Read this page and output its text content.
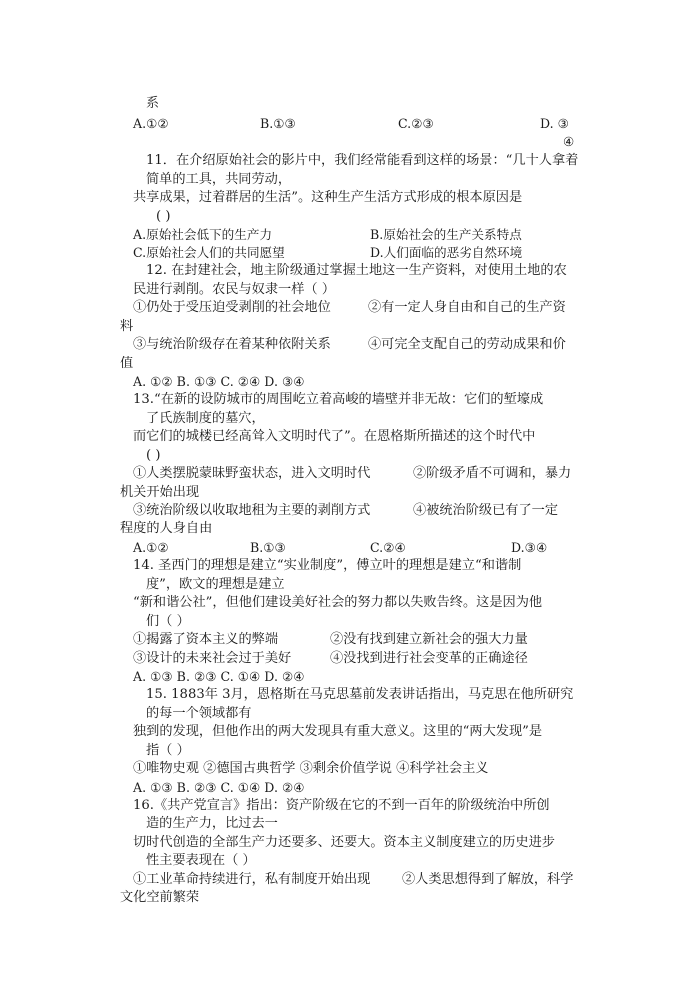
系
A.①②	B.①③	C.②③	D. ③
④
11．在介绍原始社会的影片中，我们经常能看到这样的场景：“几十人拿着
简单的工具，共同劳动，
共享成果，过着群居的生活”。这种生产生活方式形成的根本原因是
( )
A.原始社会低下的生产力	B.原始社会的生产关系特点
C.原始社会人们的共同愿望	D.人们面临的恶劣自然环境
12. 在封建社会，地主阶级通过掌握土地这一生产资料，对使用土地的农
民进行剥削。农民与奴隶一样（ ）
①仍处于受压迫受剥削的社会地位	②有一定人身自由和自己的生产资
料
③与统治阶级存在着某种依附关系	④可完全支配自己的劳动成果和价
值
A. ①② B. ①③ C. ②④ D. ③④
13.“在新的设防城市的周围屹立着高峻的墙壁并非无故：它们的堑壕成
了氏族制度的墓穴，
而它们的城楼已经高耸入文明时代了”。在恩格斯所描述的这个时代中
( )
①人类摆脱蒙昧野蛮状态，进入文明时代	②阶级矛盾不可调和，暴力
机关开始出现
③统治阶级以收取地租为主要的剥削方式	④被统治阶级已有了一定
程度的人身自由
A.①②	B.①③	C.②④	D.③④
14. 圣西门的理想是建立“实业制度”，傅立叶的理想是建立“和谐制
度”，欧文的理想是建立
“新和谐公社”，但他们建设美好社会的努力都以失败告终。这是因为他
们（ ）
①揭露了资本主义的弊端	②没有找到建立新社会的强大力量
③设计的未来社会过于美好	④没找到进行社会变革的正确途径
A. ①③ B. ②③ C. ①④ D. ②④
15. 1883年 3月，恩格斯在马克思墓前发表讲话指出，马克思在他所研究
的每一个领域都有
独到的发现，但他作出的两大发现具有重大意义。这里的“两大发现”是
指（ ）
①唯物史观 ②德国古典哲学 ③剩余价值学说 ④科学社会主义
A. ①③ B. ②③ C. ①④ D. ②④
16.《共产党宣言》指出：资产阶级在它的不到一百年的阶级统治中所创
造的生产力，比过去一
切时代创造的全部生产力还要多、还要大。资本主义制度建立的历史进步
性主要表现在（ ）
①工业革命持续进行，私有制度开始出现 ②人类思想得到了解放，科学
文化空前繁荣
